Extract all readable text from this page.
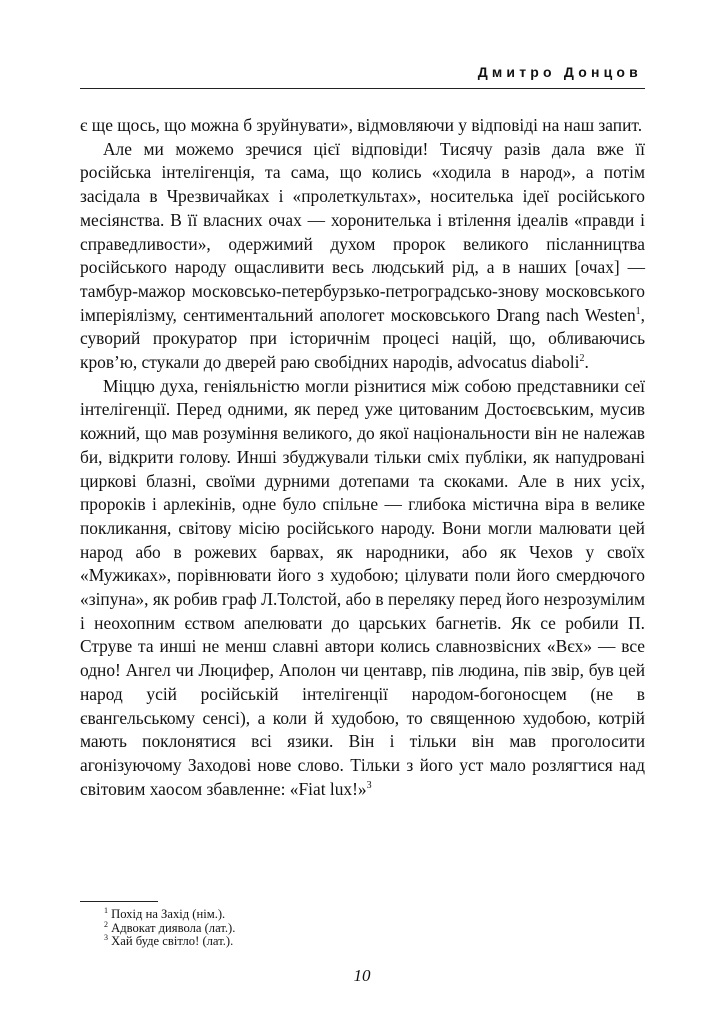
Дмитро Донцов

є ще щось, що можна б зруйнувати», відмовляючи у відповіді на наш запит.

Але ми можемо зречися цієї відповіди! Тисячу разів дала вже її російська інтелігенція, та сама, що колись «ходила в народ», а потім засідала в Чрезвичайках і «пролеткультах», носителька ідеї російського месіянства. В її власних очах — хоронителька і втілення ідеалів «правди і справедливости», одержимий духом пророк великого післанництва російського народу ощасливити весь людський рід, а в наших [очах] — тамбур-мажор московсько-петербурзько-петроградсько-знову московського імперіялізму, сентиментальний апологет московського Drang nach Westen$^1$, суворий прокуратор при історичнім процесі націй, що, обливаючись кров’ю, стукали до дверей раю свобідних народів, advocatus diaboli$^2$.

Міццю духа, геніяльністю могли різнитися між собою представники сеї інтелігенції. Перед одними, як перед уже цитованим Достоєвським, мусив кожний, що мав розуміння великого, до якої національности він не належав би, відкрити голову. Инші збуджували тільки сміх публіки, як напудровані циркові блазні, своїми дурними дотепами та скоками. Але в них усіх, пророків і арлекінів, одне було спільне — глибока містична віра в велике покликання, світову місію російського народу. Вони могли малювати цей народ або в рожевих барвах, як народники, або як Чехов у своїх «Мужиках», порівнювати його з худобою; цілувати поли його смердючого «зіпуна», як робив граф Л.Толстой, або в переляку перед його незрозумілим і неохопним єством апелювати до царських багнетів. Як се робили П. Струве та инші не менш славні автори колись славнозвісних «Вєх» — все одно! Ангел чи Люцифер, Аполон чи центавр, пів людина, пів звір, був цей народ усій російській інтелігенції народом-богоносцем (не в євангельському сенсі), а коли й худобою, то священною худобою, котрій мають поклонятися всі язики. Він і тільки він мав проголосити агонізуючому Заходові нове слово. Тільки з його уст мало розлягтися над світовим хаосом збавленне: «Fiat lux!»$^3$

$^1$ Похід на Захід (нім.).

$^2$ Адвокат диявола (лат.).

$^3$ Хай буде світло! (лат.).

10
